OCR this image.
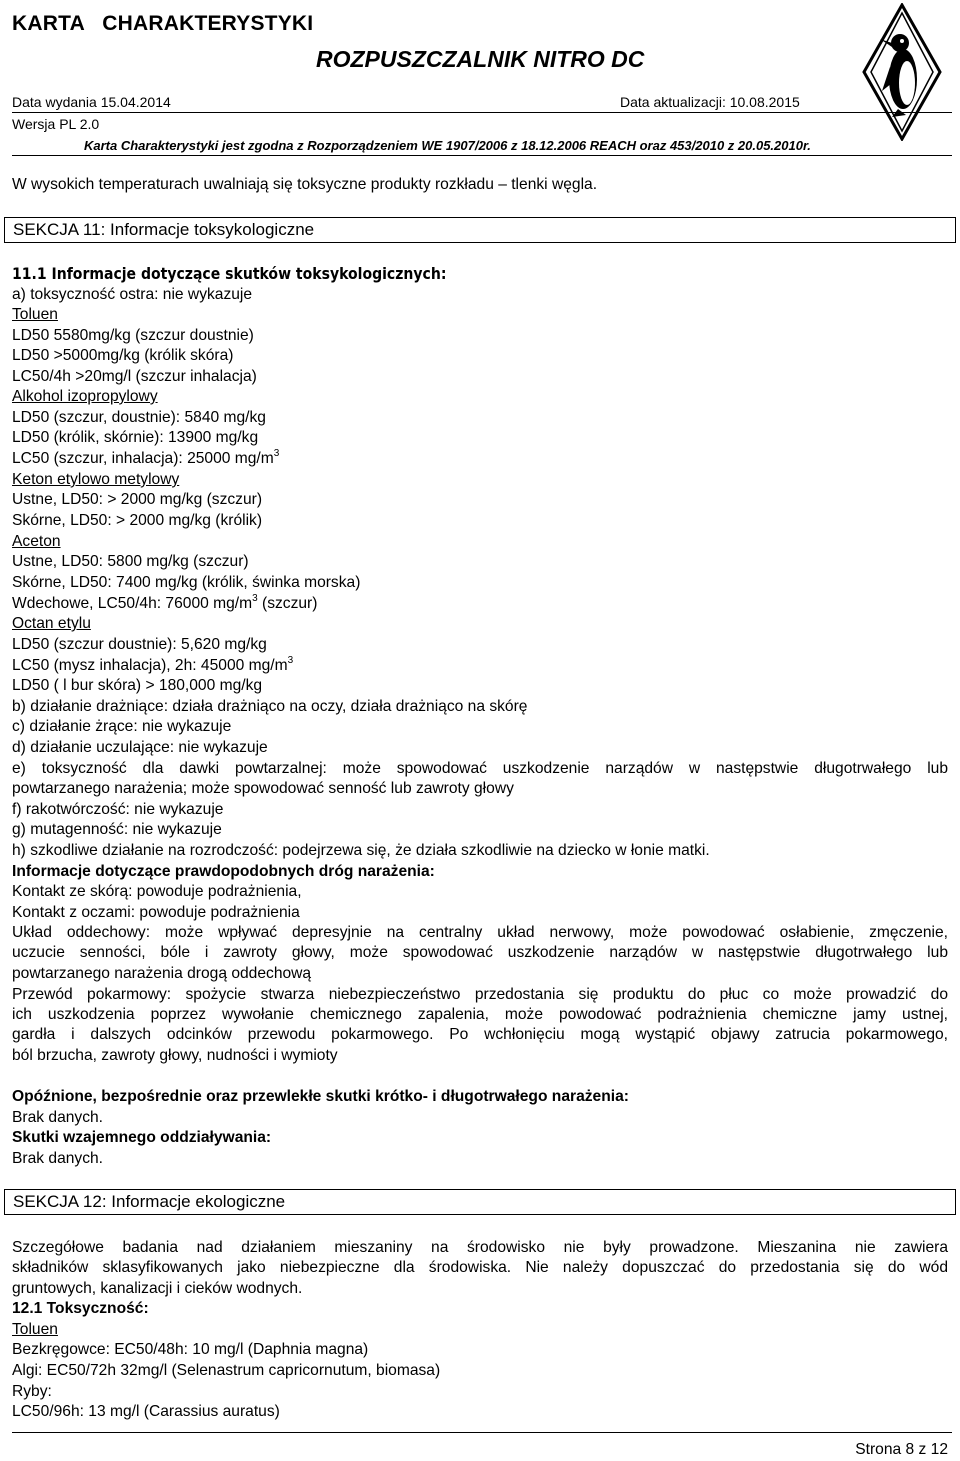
KARTA   CHARAKTERYSTYKI
ROZPUSZCZALNIK NITRO DC
Data wydania 15.04.2014	Data aktualizacji: 10.08.2015
Wersja PL 2.0
Karta Charakterystyki jest zgodna z Rozporządzeniem WE 1907/2006 z 18.12.2006 REACH oraz 453/2010 z 20.05.2010r.
W wysokich temperaturach uwalniają się toksyczne produkty rozkładu – tlenki węgla.
SEKCJA 11: Informacje toksykologiczne
11.1 Informacje dotyczące skutków toksykologicznych:
a) toksyczność ostra: nie wykazuje
Toluen
LD50 5580mg/kg (szczur doustnie)
LD50 >5000mg/kg (królik skóra)
LC50/4h >20mg/l (szczur inhalacja)
Alkohol izopropylowy
LD50 (szczur, doustnie): 5840 mg/kg
LD50 (królik, skórnie): 13900 mg/kg
LC50 (szczur, inhalacja): 25000 $mg/m^3$
Keton etylowo metylowy
Ustne, LD50: > 2000 mg/kg (szczur)
Skórne, LD50: > 2000 mg/kg (królik)
Aceton
Ustne, LD50: 5800 mg/kg (szczur)
Skórne, LD50: 7400 mg/kg (królik, świnka morska)
Wdechowe, LC50/4h: 76000 $mg/m^3$ (szczur)
Octan etylu
LD50 (szczur doustnie): 5,620 mg/kg
LC50 (mysz inhalacja), 2h: 45000 $mg/m^3$
LD50 ( l bur skóra) > 180,000 mg/kg
b) działanie drażniące: działa drażniąco na oczy, działa drażniąco na skórę
c) działanie żrące: nie wykazuje
d) działanie uczulające: nie wykazuje
e) toksyczność dla dawki powtarzalnej: może spowodować uszkodzenie narządów w następstwie długotrwałego lub
powtarzanego narażenia; może spowodować senność lub zawroty głowy
f) rakotwórczość: nie wykazuje
g) mutagenność: nie wykazuje
h) szkodliwe działanie na rozrodczość: podejrzewa się, że działa szkodliwie na dziecko w łonie matki.
Informacje dotyczące prawdopodobnych dróg narażenia:
Kontakt ze skórą: powoduje podrażnienia,
Kontakt z oczami: powoduje podrażnienia
Układ oddechowy: może wpływać depresyjnie na centralny układ nerwowy, może powodować osłabienie, zmęczenie,
uczucie senności, bóle i zawroty głowy, może spowodować uszkodzenie narządów w następstwie długotrwałego lub
powtarzanego narażenia drogą oddechową
Przewód pokarmowy: spożycie stwarza niebezpieczeństwo przedostania się produktu do płuc co może prowadzić do
ich uszkodzenia poprzez wywołanie chemicznego zapalenia, może powodować podrażnienia chemiczne jamy ustnej,
gardła i dalszych odcinków przewodu pokarmowego. Po wchłonięciu mogą wystąpić objawy zatrucia pokarmowego,
ból brzucha, zawroty głowy, nudności i wymioty
Opóźnione, bezpośrednie oraz przewlekłe skutki krótko- i długotrwałego narażenia:
Brak danych.
Skutki wzajemnego oddziaływania:
Brak danych.
SEKCJA 12: Informacje ekologiczne
Szczegółowe badania nad działaniem mieszaniny na środowisko nie były prowadzone. Mieszanina nie zawiera
składników sklasyfikowanych jako niebezpieczne dla środowiska. Nie należy dopuszczać do przedostania się do wód
gruntowych, kanalizacji i cieków wodnych.
12.1 Toksyczność:
Toluen
Bezkręgowce: EC50/48h: 10 mg/l (Daphnia magna)
Algi: EC50/72h 32mg/l (Selenastrum capricornutum, biomasa)
Ryby:
LC50/96h: 13 mg/l (Carassius auratus)
Strona 8 z 12
